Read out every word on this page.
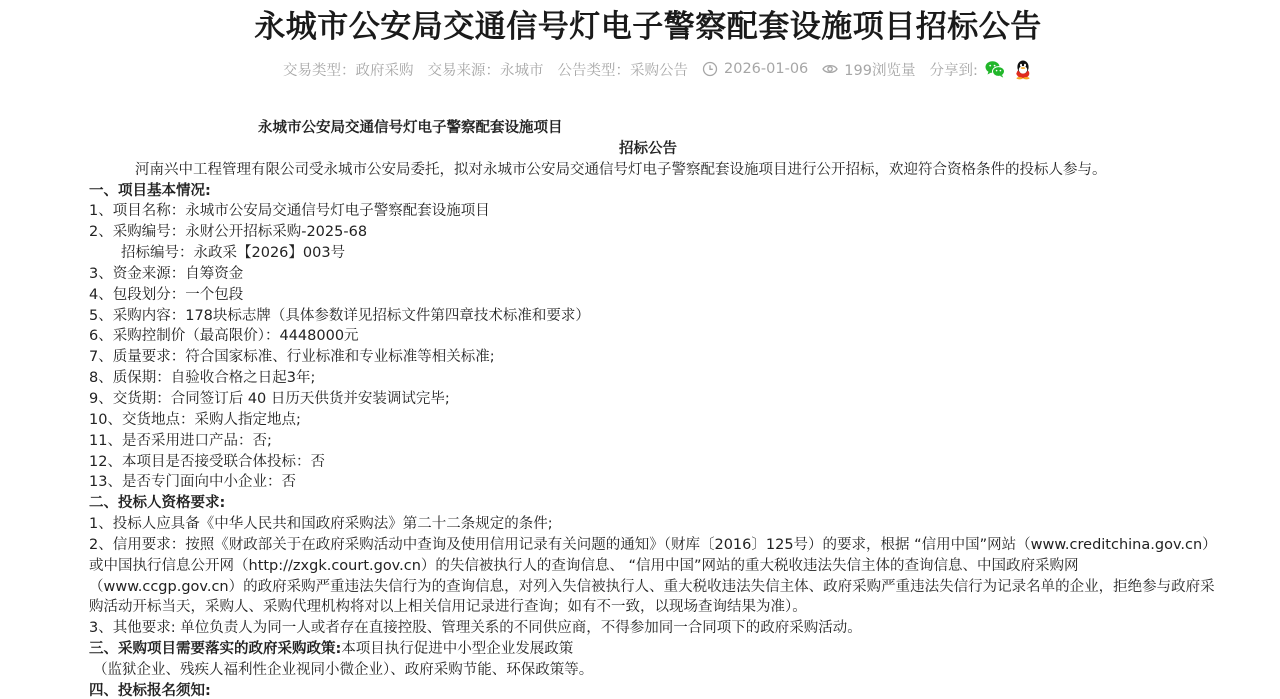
永城市公安局交通信号灯电子警察配套设施项目招标公告
交易类型：政府采购 交易来源：永城市 公告类型：采购公告 2026-01-06 199浏览量 分享到:

永城市公安局交通信号灯电子警察配套设施项目

招标公告

河南兴中工程管理有限公司受永城市公安局委托，拟对永城市公安局交通信号灯电子警察配套设施项目进行公开招标，欢迎符合资格条件的投标人参与。

一、项目基本情况:

1、项目名称：永城市公安局交通信号灯电子警察配套设施项目

2、采购编号：永财公开招标采购-2025-68

招标编号：永政采【2026】003号

3、资金来源：自筹资金

4、包段划分：一个包段

5、采购内容：178块标志牌（具体参数详见招标文件第四章技术标准和要求）

6、采购控制价（最高限价）：4448000元

7、质量要求：符合国家标准、行业标准和专业标准等相关标准;

8、质保期：自验收合格之日起3年;

9、交货期：合同签订后 40 日历天供货并安装调试完毕;

10、交货地点：采购人指定地点;

11、是否采用进口产品：否;

12、本项目是否接受联合体投标：否

13、是否专门面向中小企业：否

二、投标人资格要求:

1、投标人应具备《中华人民共和国政府采购法》第二十二条规定的条件;

2、信用要求：按照《财政部关于在政府采购活动中查询及使用信用记录有关问题的通知》（财库〔2016〕125号）的要求，根据 “信用中国”网站（www.creditchina.gov.cn）或中国执行信息公开网（http://zxgk.court.gov.cn）的失信被执行人的查询信息、 “信用中国”网站的重大税收违法失信主体的查询信息、中国政府采购网（www.ccgp.gov.cn）的政府采购严重违法失信行为的查询信息，对列入失信被执行人、重大税收违法失信主体、政府采购严重违法失信行为记录名单的企业，拒绝参与政府采购活动开标当天，采购人、采购代理机构将对以上相关信用记录进行查询；如有不一致，以现场查询结果为准）。

3、其他要求: 单位负责人为同一人或者存在直接控股、管理关系的不同供应商，不得参加同一合同项下的政府采购活动。

三、采购项目需要落实的政府采购政策:本项目执行促进中小型企业发展政策

（监狱企业、残疾人福利性企业视同小微企业）、政府采购节能、环保政策等。

四、投标报名须知:
